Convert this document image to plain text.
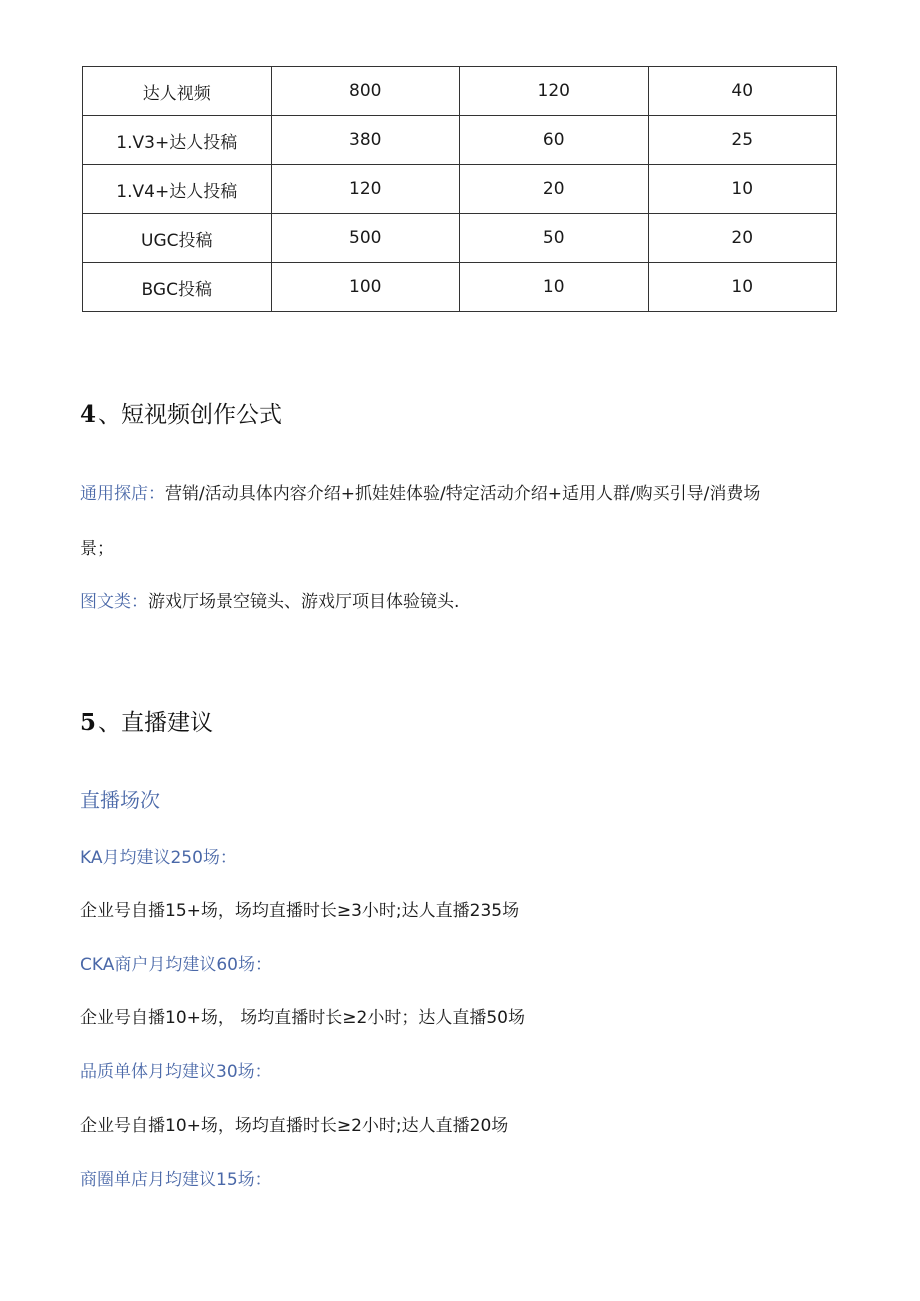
达人视频	800	120	40
1.V3+达人投稿	380	60	25
1.V4+达人投稿	120	20	10
UGC投稿	500	50	20
BGC投稿	100	10	10
4、短视频创作公式
通用探店：营销/活动具体内容介绍+抓娃娃体验/特定活动介绍+适用人群/购买引导/消费场
景；
图文类：游戏厅场景空镜头、游戏厅项目体验镜头.
5、直播建议
直播场次
KA月均建议250场：
企业号自播15+场，场均直播时长≥3小时;达人直播235场
CKA商户月均建议60场：
企业号自播10+场， 场均直播时长≥2小时；达人直播50场
品质单体月均建议30场：
企业号自播10+场，场均直播时长≥2小时;达人直播20场
商圈单店月均建议15场：
